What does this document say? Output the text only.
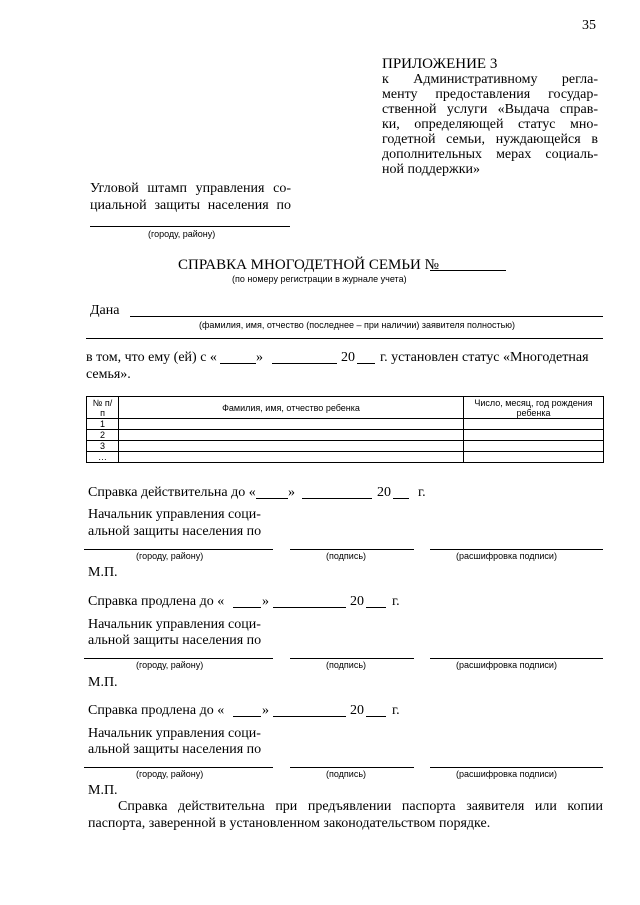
35
ПРИЛОЖЕНИЕ 3
к    Административному    регла-
менту предоставления государ-
ственной услуги «Выдача справ-
ки, определяющей статус мно-
годетной семьи, нуждающейся в
дополнительных мерах социаль-
ной поддержки»
Угловой штамп управления со-
циальной защиты населения по
(городу, району)
СПРАВКА МНОГОДЕТНОЙ СЕМЬИ №
(по номеру регистрации в журнале учета)
Дана
(фамилия, имя, отчество (последнее – при наличии) заявителя полностью)
в том, что ему (ей) с «	»	20 г. установлен статус «Многодетная
семья».
№ п/п	Фамилия, имя, отчество ребенка	Число, месяц, год рождения ребенка
1		
2		
3		
…		
Справка действительна до « »	20 г.
Начальник управления соци-
альной защиты населения по
(городу, району)	(подпись)	(расшифровка подписи)
М.П.
Справка продлена до «	»	20 г.
Начальник управления соци-
альной защиты населения по
(городу, району)	(подпись)	(расшифровка подписи)
М.П.
Справка продлена до «	»	20 г.
Начальник управления соци-
альной защиты населения по
(городу, району)	(подпись)	(расшифровка подписи)
М.П.
Справка действительна при предъявлении паспорта заявителя или копии
паспорта, заверенной в установленном законодательством порядке.
